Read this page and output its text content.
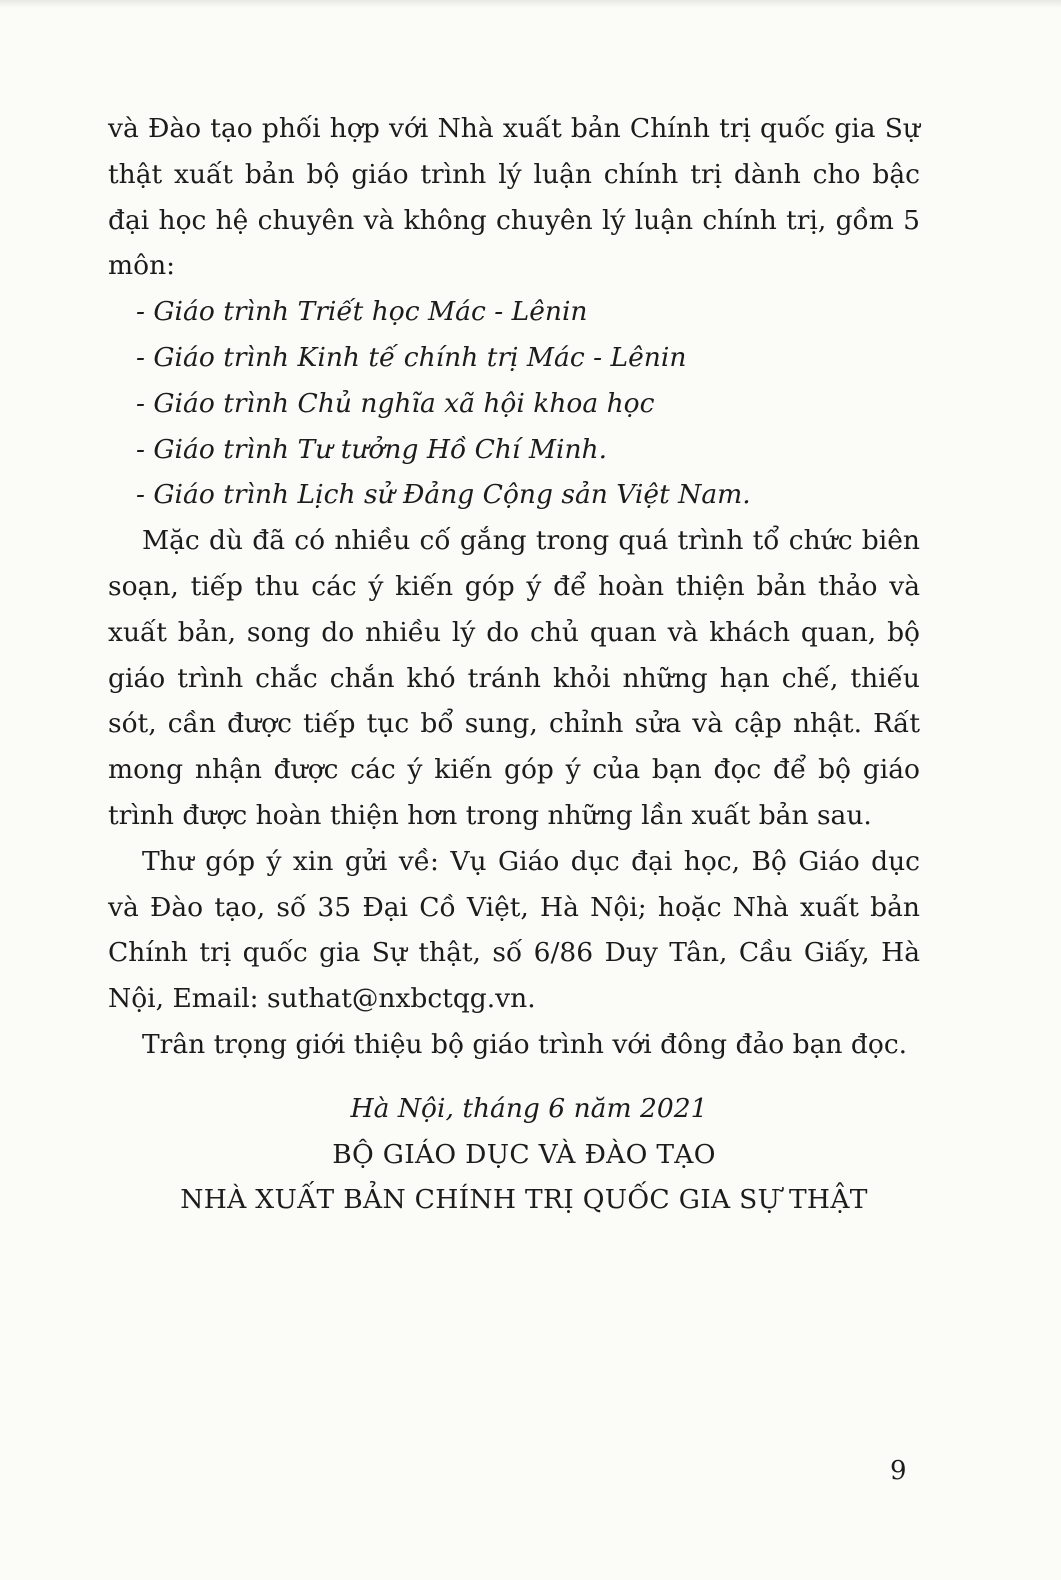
và Đào tạo phối hợp với Nhà xuất bản Chính trị quốc gia Sự thật xuất bản bộ giáo trình lý luận chính trị dành cho bậc đại học hệ chuyên và không chuyên lý luận chính trị, gồm 5 môn:

- Giáo trình Triết học Mác - Lênin
- Giáo trình Kinh tế chính trị Mác - Lênin
- Giáo trình Chủ nghĩa xã hội khoa học
- Giáo trình Tư tưởng Hồ Chí Minh.
- Giáo trình Lịch sử Đảng Cộng sản Việt Nam.

Mặc dù đã có nhiều cố gắng trong quá trình tổ chức biên soạn, tiếp thu các ý kiến góp ý để hoàn thiện bản thảo và xuất bản, song do nhiều lý do chủ quan và khách quan, bộ giáo trình chắc chắn khó tránh khỏi những hạn chế, thiếu sót, cần được tiếp tục bổ sung, chỉnh sửa và cập nhật. Rất mong nhận được các ý kiến góp ý của bạn đọc để bộ giáo trình được hoàn thiện hơn trong những lần xuất bản sau.

Thư góp ý xin gửi về: Vụ Giáo dục đại học, Bộ Giáo dục và Đào tạo, số 35 Đại Cồ Việt, Hà Nội; hoặc Nhà xuất bản Chính trị quốc gia Sự thật, số 6/86 Duy Tân, Cầu Giấy, Hà Nội, Email: suthat@nxbctqg.vn.

Trân trọng giới thiệu bộ giáo trình với đông đảo bạn đọc.

Hà Nội, tháng 6 năm 2021
BỘ GIÁO DỤC VÀ ĐÀO TẠO
NHÀ XUẤT BẢN CHÍNH TRỊ QUỐC GIA SỰ THẬT
9
